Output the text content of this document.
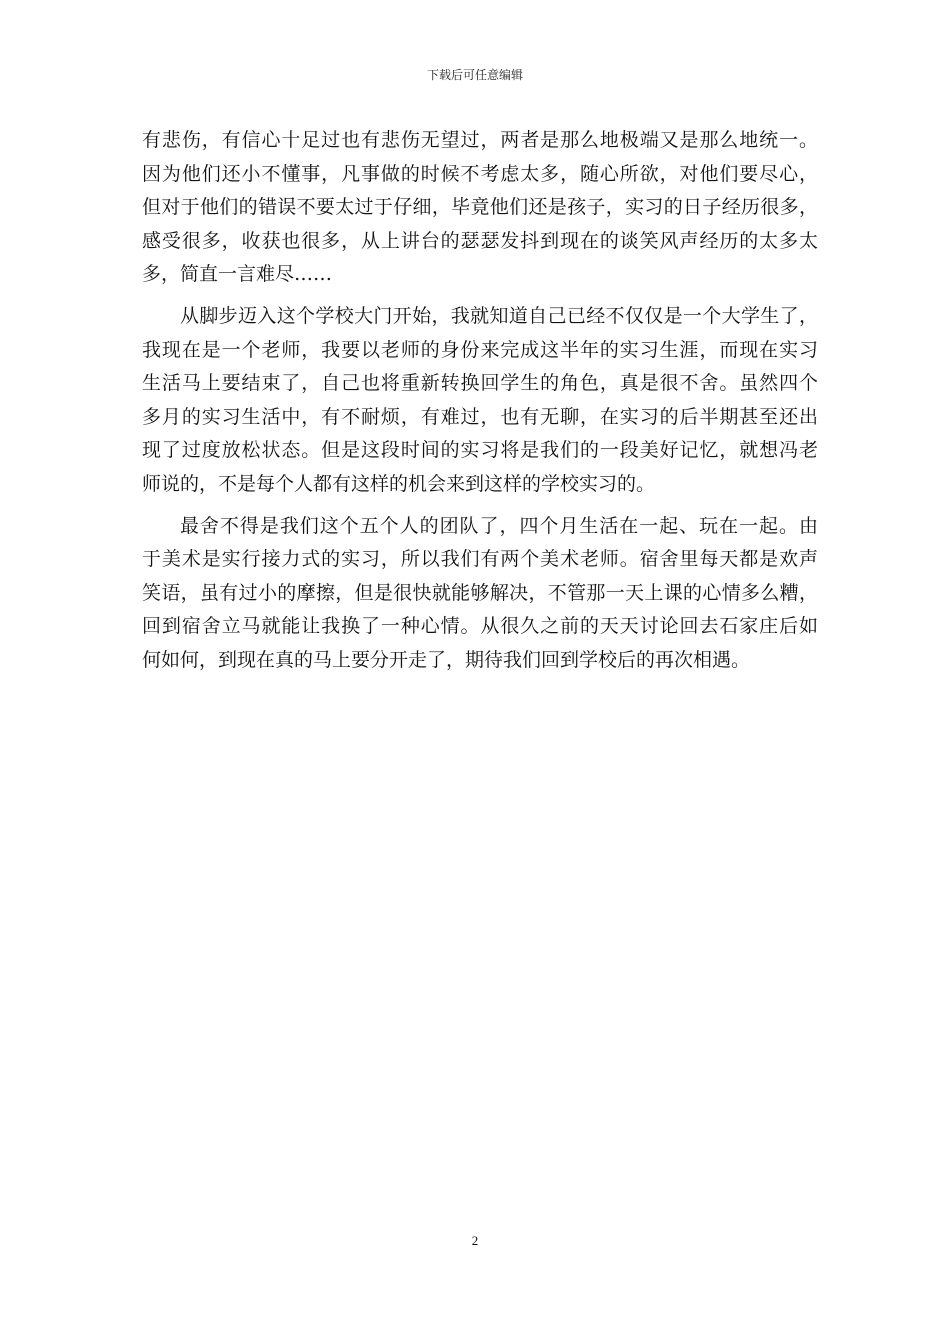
下载后可任意编辑
有悲伤，有信心十足过也有悲伤无望过，两者是那么地极端又是那么地统一。
因为他们还小不懂事，凡事做的时候不考虑太多，随心所欲，对他们要尽心，
但对于他们的错误不要太过于仔细，毕竟他们还是孩子，实习的日子经历很多，
感受很多，收获也很多，从上讲台的瑟瑟发抖到现在的谈笑风声经历的太多太
多，简直一言难尽……
从脚步迈入这个学校大门开始，我就知道自己已经不仅仅是一个大学生了，
我现在是一个老师，我要以老师的身份来完成这半年的实习生涯，而现在实习
生活马上要结束了，自己也将重新转换回学生的角色，真是很不舍。虽然四个
多月的实习生活中，有不耐烦，有难过，也有无聊，在实习的后半期甚至还出
现了过度放松状态。但是这段时间的实习将是我们的一段美好记忆，就想冯老
师说的，不是每个人都有这样的机会来到这样的学校实习的。
最舍不得是我们这个五个人的团队了，四个月生活在一起、玩在一起。由
于美术是实行接力式的实习，所以我们有两个美术老师。宿舍里每天都是欢声
笑语，虽有过小的摩擦，但是很快就能够解决，不管那一天上课的心情多么糟，
回到宿舍立马就能让我换了一种心情。从很久之前的天天讨论回去石家庄后如
何如何，到现在真的马上要分开走了，期待我们回到学校后的再次相遇。
2
